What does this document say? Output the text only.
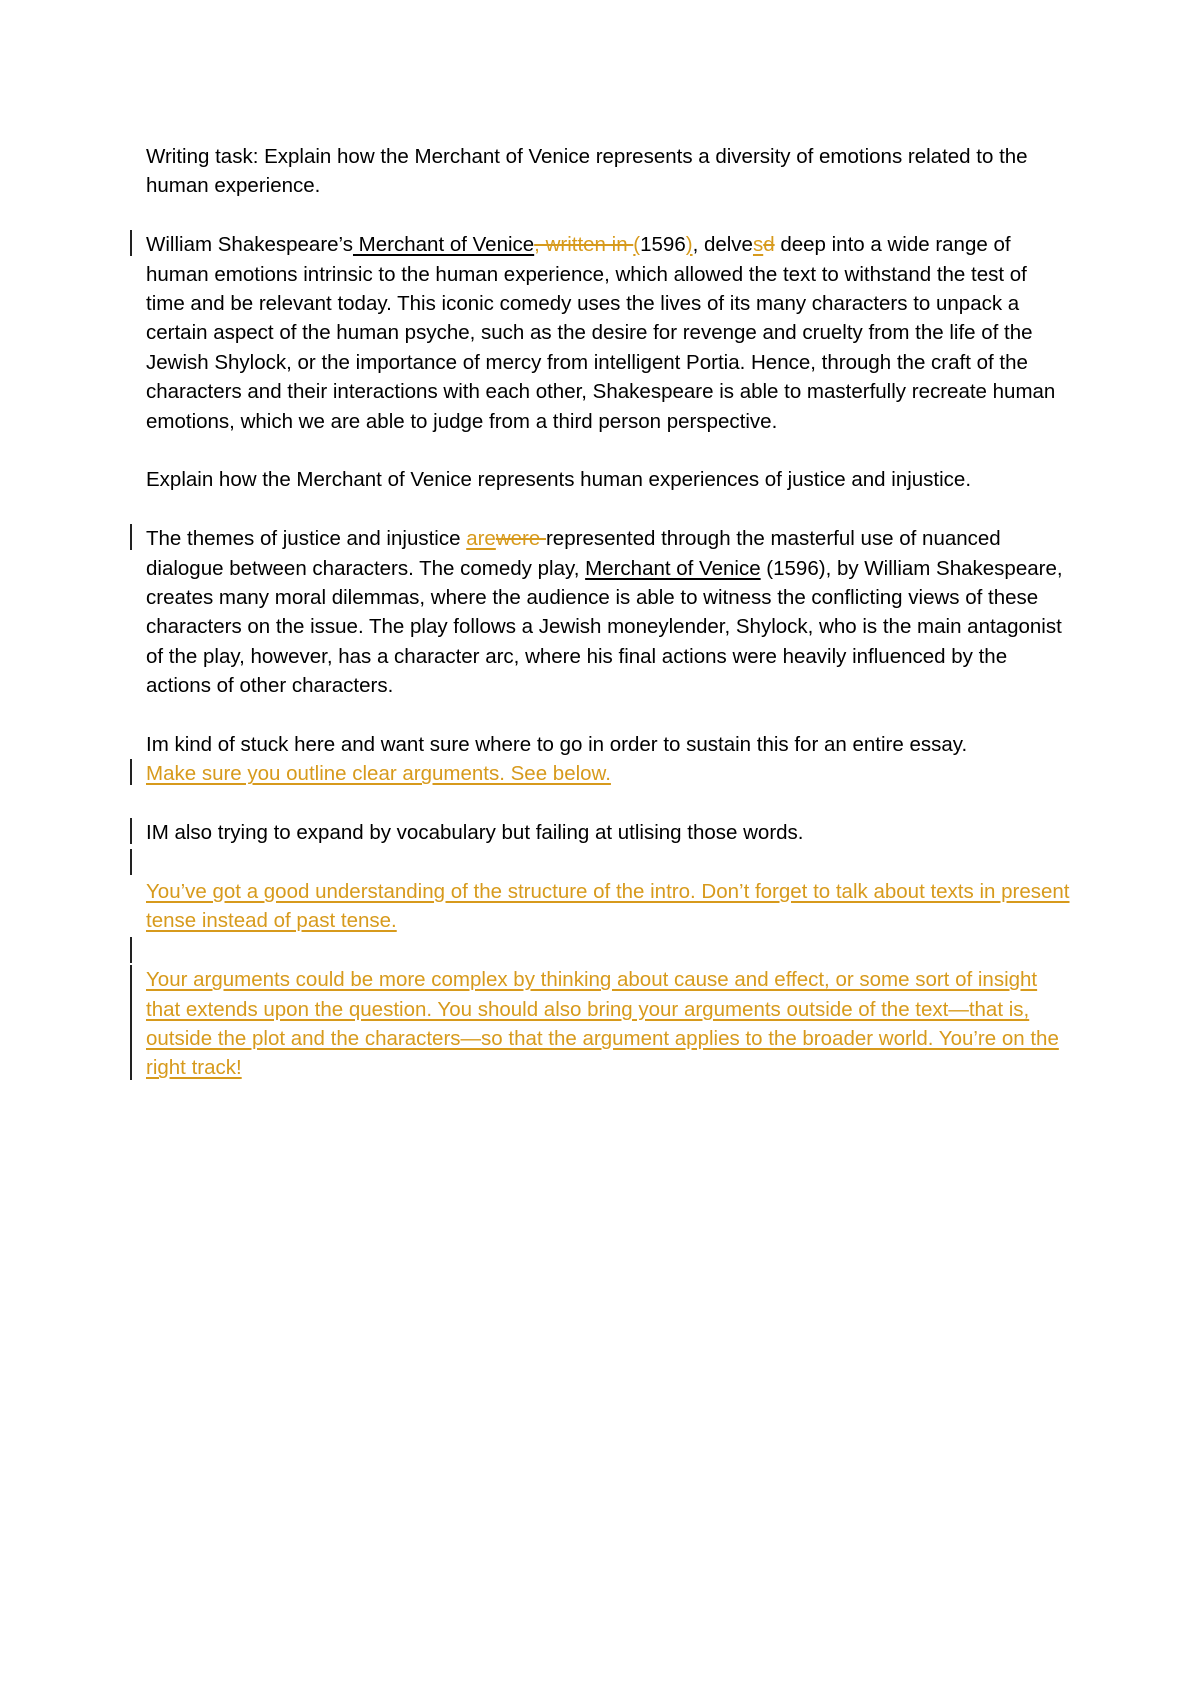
Writing task: Explain how the Merchant of Venice represents a diversity of emotions related to the human experience.

William Shakespeare’s Merchant of Venice, written in (1596), delvesd deep into a wide range of human emotions intrinsic to the human experience, which allowed the text to withstand the test of time and be relevant today. This iconic comedy uses the lives of its many characters to unpack a certain aspect of the human psyche, such as the desire for revenge and cruelty from the life of the Jewish Shylock, or the importance of mercy from intelligent Portia. Hence, through the craft of the characters and their interactions with each other, Shakespeare is able to masterfully recreate human emotions, which we are able to judge from a third person perspective.

Explain how the Merchant of Venice represents human experiences of justice and injustice.

The themes of justice and injustice arewere represented through the masterful use of nuanced dialogue between characters. The comedy play, Merchant of Venice (1596), by William Shakespeare, creates many moral dilemmas, where the audience is able to witness the conflicting views of these characters on the issue. The play follows a Jewish moneylender, Shylock, who is the main antagonist of the play, however, has a character arc, where his final actions were heavily influenced by the actions of other characters.

Im kind of stuck here and want sure where to go in order to sustain this for an entire essay.

Make sure you outline clear arguments. See below.

IM also trying to expand by vocabulary but failing at utlising those words.

You’ve got a good understanding of the structure of the intro. Don’t forget to talk about texts in present tense instead of past tense.

Your arguments could be more complex by thinking about cause and effect, or some sort of insight that extends upon the question. You should also bring your arguments outside of the text—that is, outside the plot and the characters—so that the argument applies to the broader world. You’re on the right track!
